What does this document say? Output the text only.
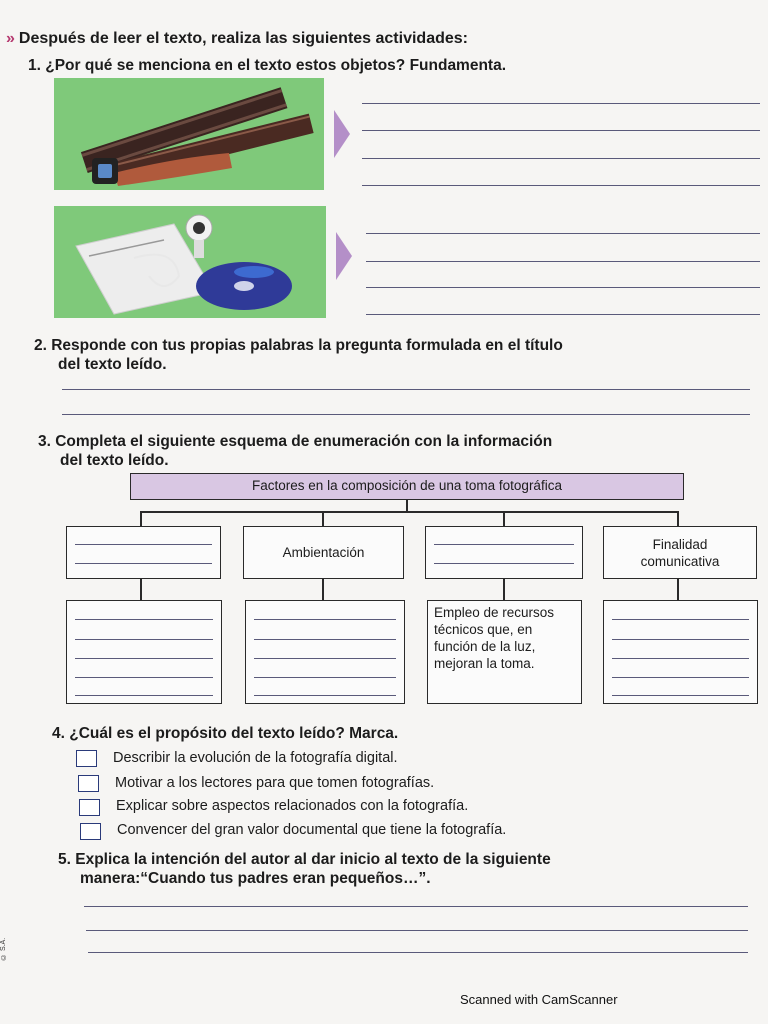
» Después de leer el texto, realiza las siguientes actividades:
1. ¿Por qué se menciona en el texto estos objetos? Fundamenta.
2. Responde con tus propias palabras la pregunta formulada en el título
del texto leído.
3. Completa el siguiente esquema de enumeración con la información
del texto leído.
Factores en la composición de una toma fotográfica
Ambientación
Finalidad comunicativa
Empleo de recursos técnicos que, en función de la luz, mejoran la toma.
4. ¿Cuál es el propósito del texto leído? Marca.
Describir la evolución de la fotografía digital.
Motivar a los lectores para que tomen fotografías.
Explicar sobre aspectos relacionados con la fotografía.
Convencer del gran valor documental que tiene la fotografía.
5. Explica la intención del autor al dar inicio al texto de la siguiente
manera:“Cuando tus padres eran pequeños…”.
© S.A.
Scanned with CamScanner
